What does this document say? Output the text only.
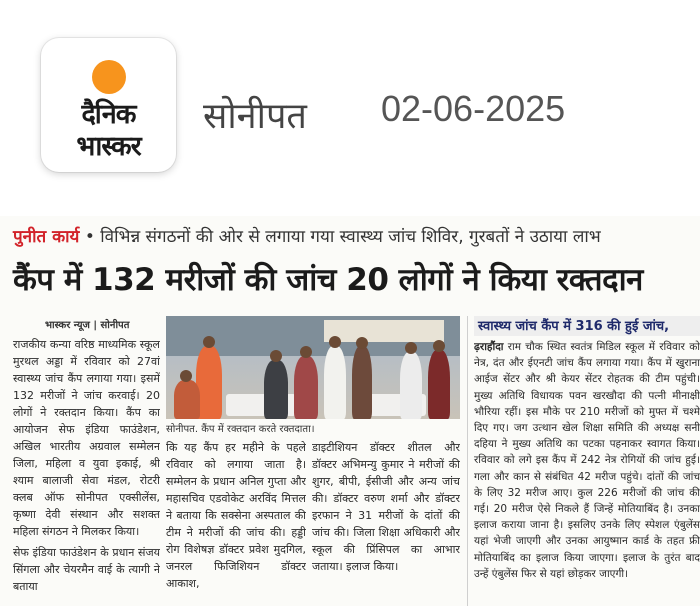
दैनिक
भास्कर
सोनीपत 02-06-2025
पुनीत कार्य • विभिन्न संगठनों की ओर से लगाया गया स्वास्थ्य जांच शिविर, गुरबतों ने उठाया लाभ
कैंप में 132 मरीजों की जांच 20 लोगों ने किया रक्तदान
भास्कर न्यूज | सोनीपत

राजकीय कन्या वरिष्ठ माध्यमिक स्कूल मुरथल अड्डा में रविवार को 27वां स्वास्थ्य जांच कैंप लगाया गया। इसमें 132 मरीजों ने जांच करवाई। 20 लोगों ने रक्तदान किया। कैंप का आयोजन सेफ इंडिया फाउंडेशन, अखिल भारतीय अग्रवाल सम्मेलन जिला, महिला व युवा इकाई, श्री श्याम बालाजी सेवा मंडल, रोटरी क्लब ऑफ सोनीपत एक्सीलेंस, कृष्णा देवी संस्थान और सशक्त महिला संगठन ने मिलकर किया।

सेफ इंडिया फाउंडेशन के प्रधान संजय सिंगला और चेयरमैन वाई के त्यागी ने बताया

सोनीपत. कैंप में रक्तदान करते रक्तदाता।
कि यह कैंप हर महीने के पहले रविवार को लगाया जाता है। सम्मेलन के प्रधान अनिल गुप्ता और महासचिव एडवोकेट अरविंद मित्तल ने बताया कि सक्सेना अस्पताल की टीम ने मरीजों की जांच की। हड्डी रोग विशेषज्ञ डॉक्टर प्रवेश मुदगिल, जनरल फिजिशियन डॉक्टर आकाश,
डाइटीशियन डॉक्टर शीतल और डॉक्टर अभिमन्यु कुमार ने मरीजों की शुगर, बीपी, ईसीजी और अन्य जांच की। डॉक्टर वरुण शर्मा और डॉक्टर इरफान ने 31 मरीजों के दांतों की जांच की। जिला शिक्षा अधिकारी और स्कूल की प्रिंसिपल का आभार जताया। इलाज किया।
स्वास्थ्य जांच कैंप में 316 की हुई जांच,
ढ़राहौंदा राम चौक स्थित स्वतंत्र मिडिल स्कूल में रविवार को नेत्र, दंत और ईएनटी जांच कैंप लगाया गया। कैंप में खुराना आईज सेंटर और श्री केयर सेंटर रोहतक की टीम पहुंची। मुख्य अतिथि विधायक पवन खरखौदा की पत्नी मीनाक्षी भौरिया रहीं। इस मौके पर 210 मरीजों को मुफ्त में चश्मे दिए गए। जग उत्थान खेल शिक्षा समिति की अध्यक्ष सनी दहिया ने मुख्य अतिथि का पटका पहनाकर स्वागत किया। रविवार को लगे इस कैंप में 242 नेत्र रोगियों की जांच हुई। गला और कान से संबंधित 42 मरीज पहुंचे। दांतों की जांच के लिए 32 मरीज आए। कुल 226 मरीजों की जांच की गई। 20 मरीज ऐसे निकले हैं जिन्हें मोतियाबिंद है। उनका इलाज कराया जाना है। इसलिए उनके लिए स्पेशल एंबुलेंस यहां भेजी जाएगी और उनका आयुष्मान कार्ड के तहत फ्री मोतियाबिंद का इलाज किया जाएगा। इलाज के तुरंत बाद उन्हें एंबुलेंस फिर से यहां छोड़कर जाएगी।
